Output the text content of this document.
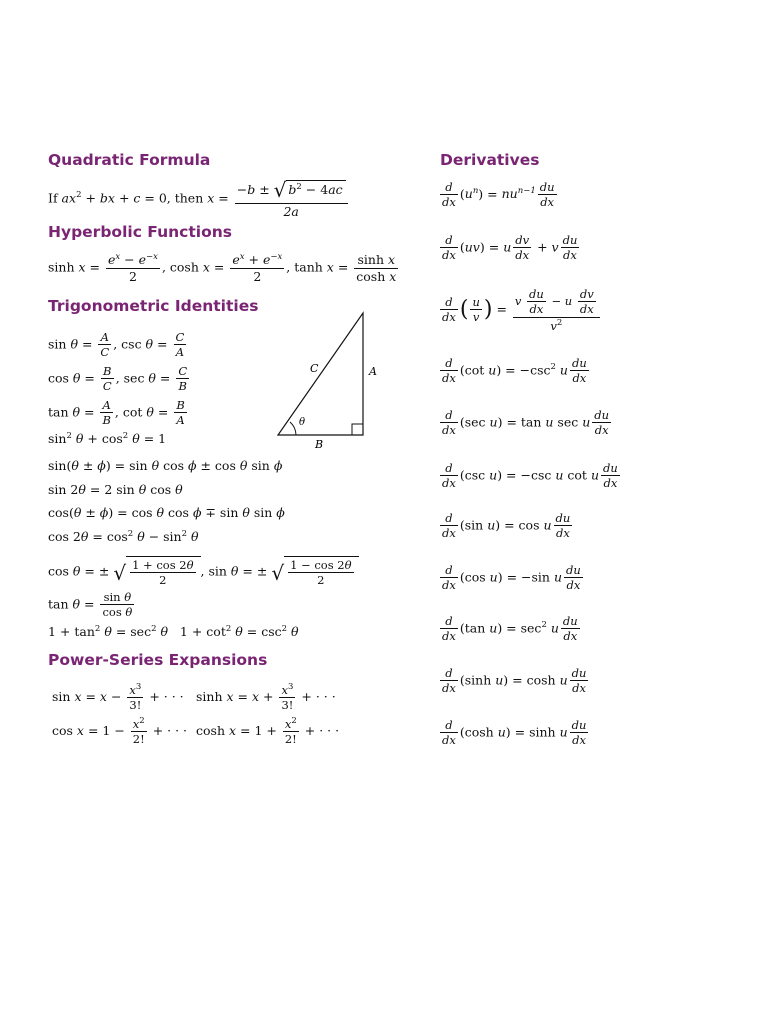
Quadratic Formula
If $ax^2$ + bx + c = 0, then $x = \frac{-b \pm √ b^2 - 4ac}{2a}$
Hyperbolic Functions
$\sinh x = \frac{e^x - e^{-x}}{2}$ , $\cosh x = \frac{e^x + e^{-x}}{2}$ , $\tanh x = \frac{\text{sinh x}}{\text{cosh x}}$
Trigonometric Identities
$\sin \theta = \frac{A}{C}$ , $\csc \theta = \frac{C}{A}$
$\cos \theta = \frac{B}{C}$ , $\sec \theta = \frac{C}{B}$
$\tan \theta = \frac{A}{B}$ , $\cot \theta = \frac{B}{A}$
$\sin^2 \theta + \cos^2 \theta = 1$
C	A
B
θ
sin(θ ± ϕ) = sin θ cos ϕ ± cos θ sin ϕ
sin 2θ = 2 sin θ cos θ
cos(θ ± ϕ) = cos θ cos ϕ ∓ sin θ sin ϕ
$\cos 2\theta = \cos^2 \theta - \sin^2 \theta$
cos θ = ± √ $\frac{1 + \cos 2\theta}{2}$ , sin θ = ± √ $\frac{1 - \cos 2\theta}{2}$
$\tan \theta = \frac{\text{sin θ}}{\text{cos θ}}$
$1 + \tan^2 \theta = \sec^2 \theta$   $1 + \cot^2 \theta = \csc^2 \theta$
Power-Series Expansions
$\sin x = x - \frac{x^3}{3!}$ + · · · $\sinh x = x + \frac{x^3}{3!}$ + · · ·
$\cos x = 1 - \frac{x^2}{2!}$ + · · · $\cosh x = 1 + \frac{x^2}{2!}$ + · · ·
Derivatives
$\frac{d}{dx} (u^n) = nu^{n-1} \frac{du}{dx}$
$\frac{d}{dx} (uv) = u \frac{dv}{dx} + v \frac{du}{dx}$
$\frac{d}{dx}$ ( $\frac{u}{v}$ ) = $\frac{v \frac{du}{dx} - u \frac{dv}{dx}}{v^2}$
$\frac{d}{dx} (\cot$ $u) = -\csc^2$ u $\frac{du}{dx}$
$\frac{d}{dx} (\sec$ u) = tan u sec u $\frac{du}{dx}$
$\frac{d}{dx} (\csc$ u) = −csc u cot u $\frac{du}{dx}$
$\frac{d}{dx} (\sin$ u) = cos u $\frac{du}{dx}$
$\frac{d}{dx} (\cos$ u) = −sin u $\frac{du}{dx}$
$\frac{d}{dx} (\tan$ $u) = \sec^2 u \frac{du}{dx}$
$\frac{d}{dx} (\sinh$ u) = cosh u $\frac{du}{dx}$
$\frac{d}{dx} (\cosh$ u) = sinh u $\frac{du}{dx}$
